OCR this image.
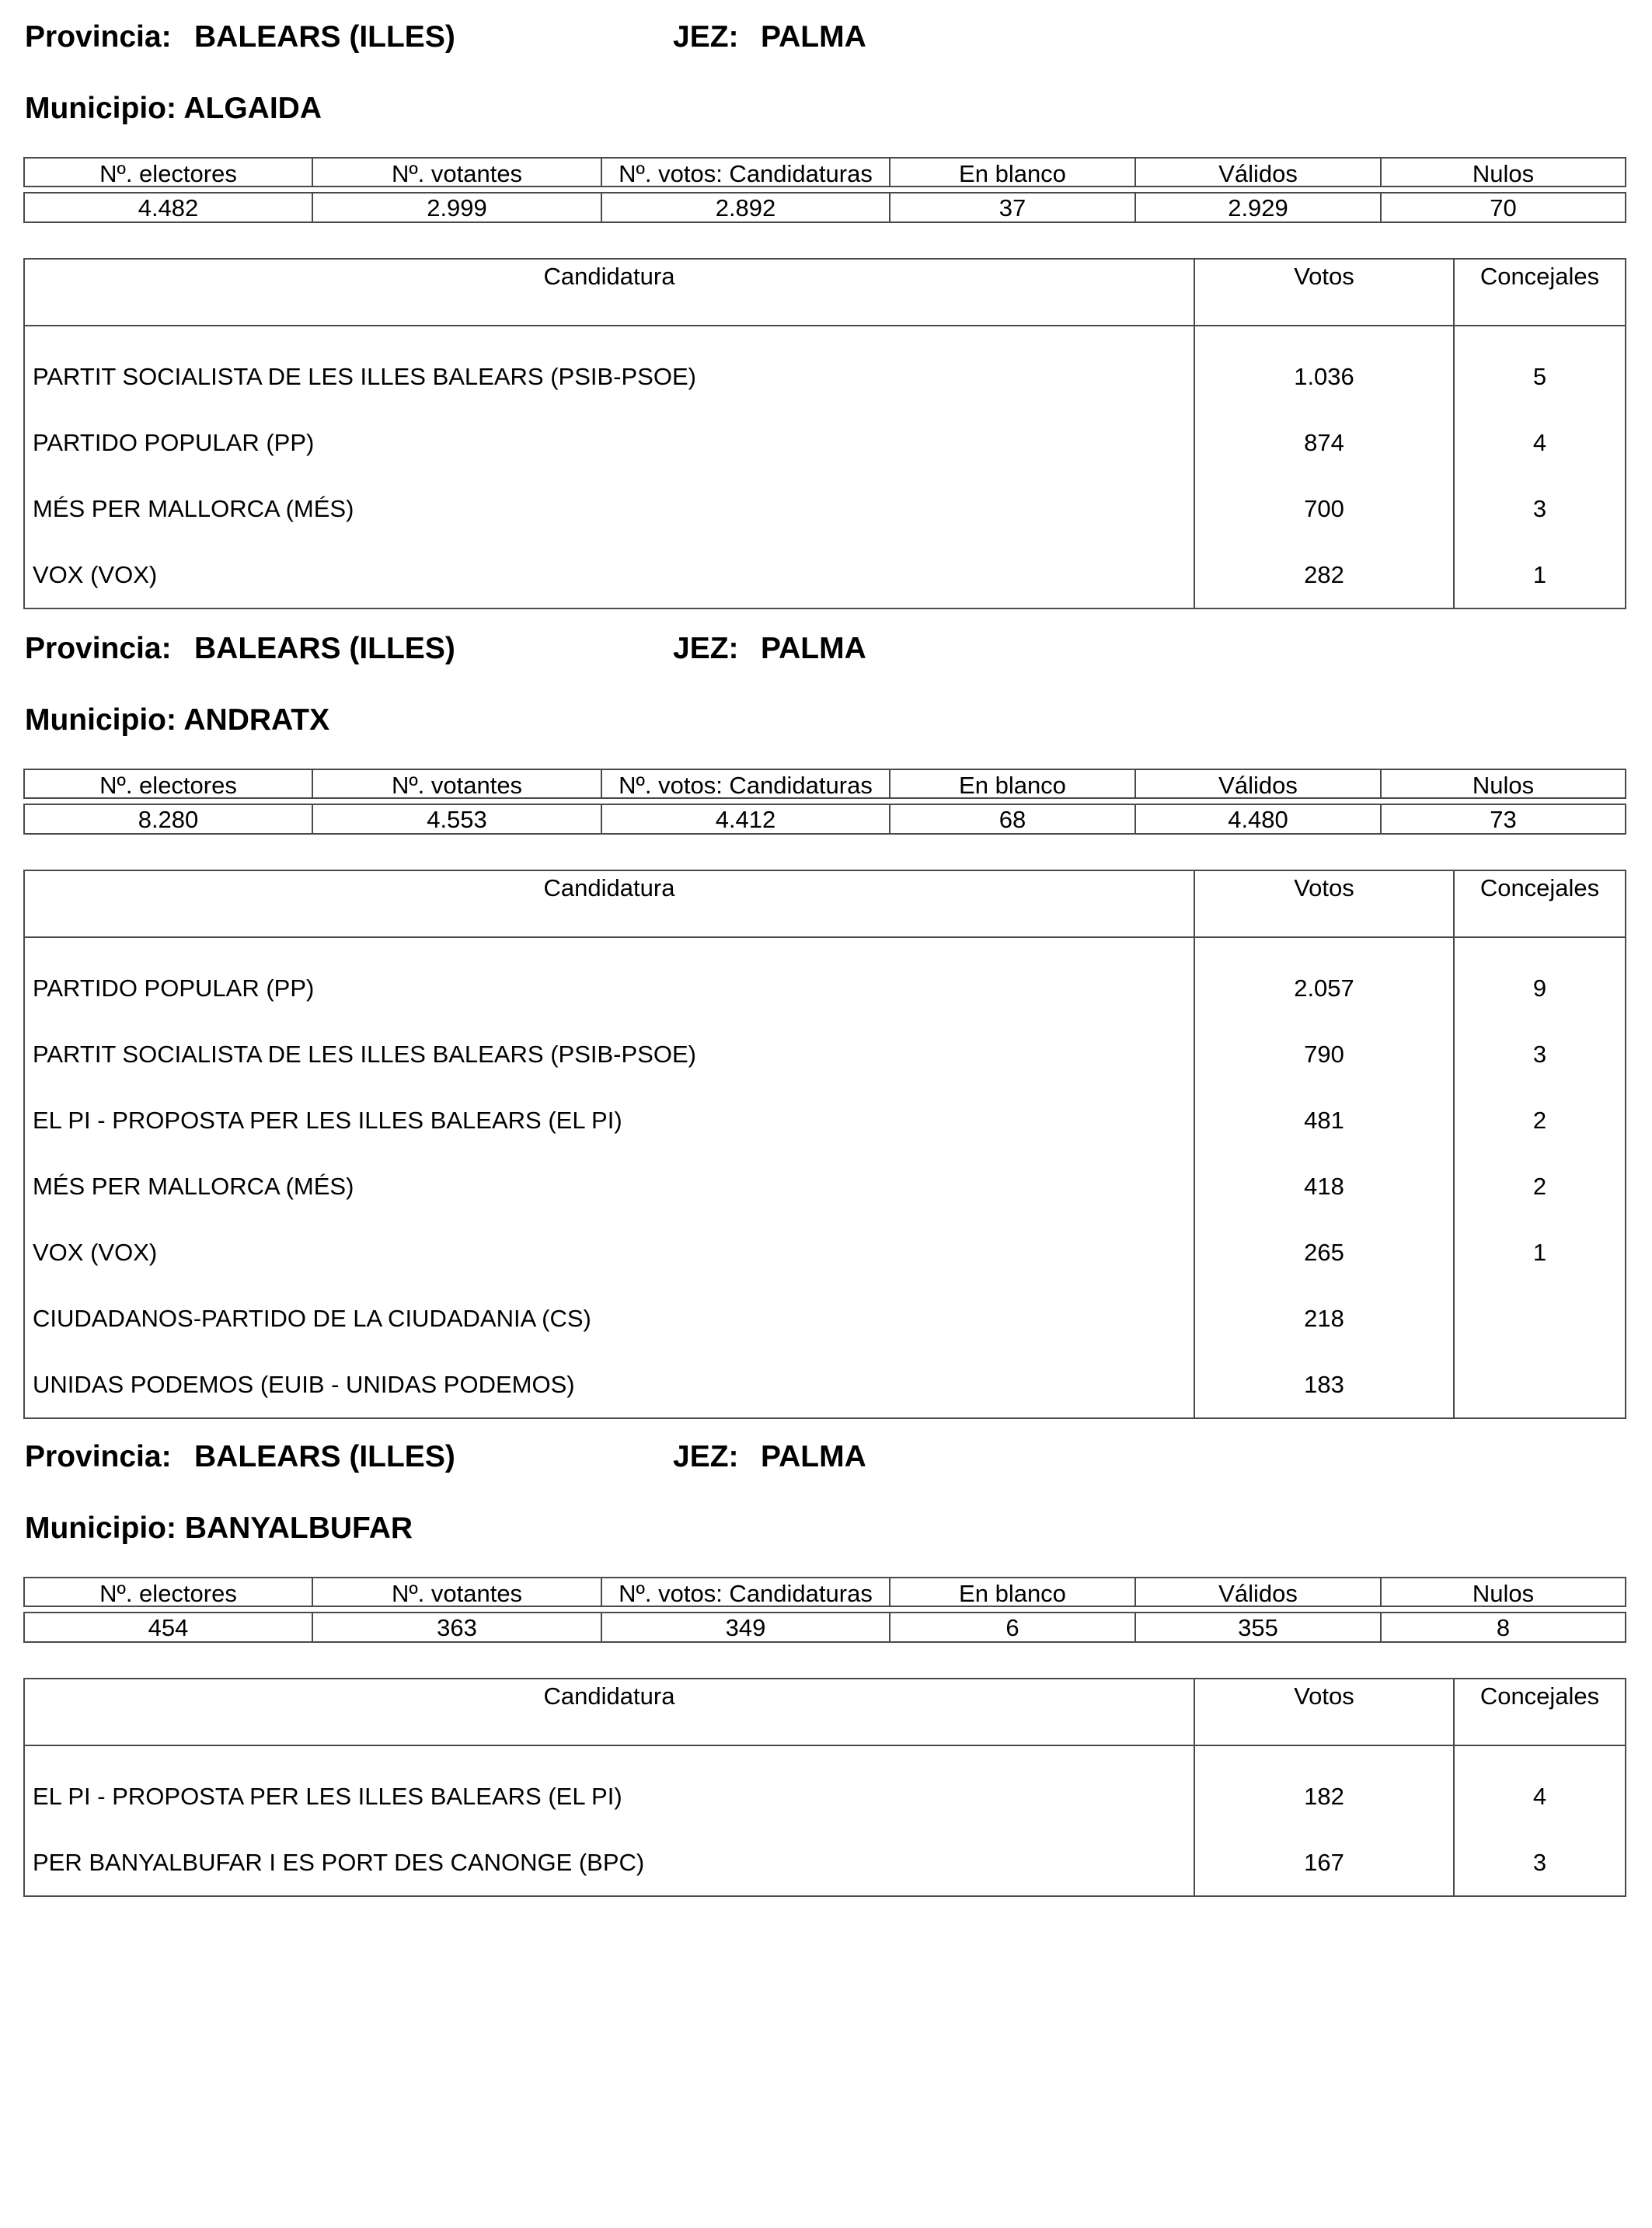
Provincia: BALEARS (ILLES)	JEZ: PALMA
Municipio: ALGAIDA
Nº. electores	Nº. votantes	Nº. votos: Candidaturas	En blanco	Válidos	Nulos

4.482	2.999	2.892	37	2.929	70
Candidatura	Votos	Concejales

PARTIT SOCIALISTA DE LES ILLES BALEARS (PSIB-PSOE)	1.036	5
PARTIDO POPULAR (PP)	874	4
MÉS PER MALLORCA (MÉS)	700	3
VOX (VOX)	282	1
Provincia: BALEARS (ILLES)	JEZ: PALMA
Municipio: ANDRATX
Nº. electores	Nº. votantes	Nº. votos: Candidaturas	En blanco	Válidos	Nulos

8.280	4.553	4.412	68	4.480	73
Candidatura	Votos	Concejales

PARTIDO POPULAR (PP)	2.057	9
PARTIT SOCIALISTA DE LES ILLES BALEARS (PSIB-PSOE)	790	3
EL PI - PROPOSTA PER LES ILLES BALEARS (EL PI)	481	2
MÉS PER MALLORCA (MÉS)	418	2
VOX (VOX)	265	1
CIUDADANOS-PARTIDO DE LA CIUDADANIA (CS)	218	
UNIDAS PODEMOS (EUIB - UNIDAS PODEMOS)	183	
Provincia: BALEARS (ILLES)	JEZ: PALMA
Municipio: BANYALBUFAR
Nº. electores	Nº. votantes	Nº. votos: Candidaturas	En blanco	Válidos	Nulos

454	363	349	6	355	8
Candidatura	Votos	Concejales

EL PI - PROPOSTA PER LES ILLES BALEARS (EL PI)	182	4
PER BANYALBUFAR I ES PORT DES CANONGE (BPC)	167	3
